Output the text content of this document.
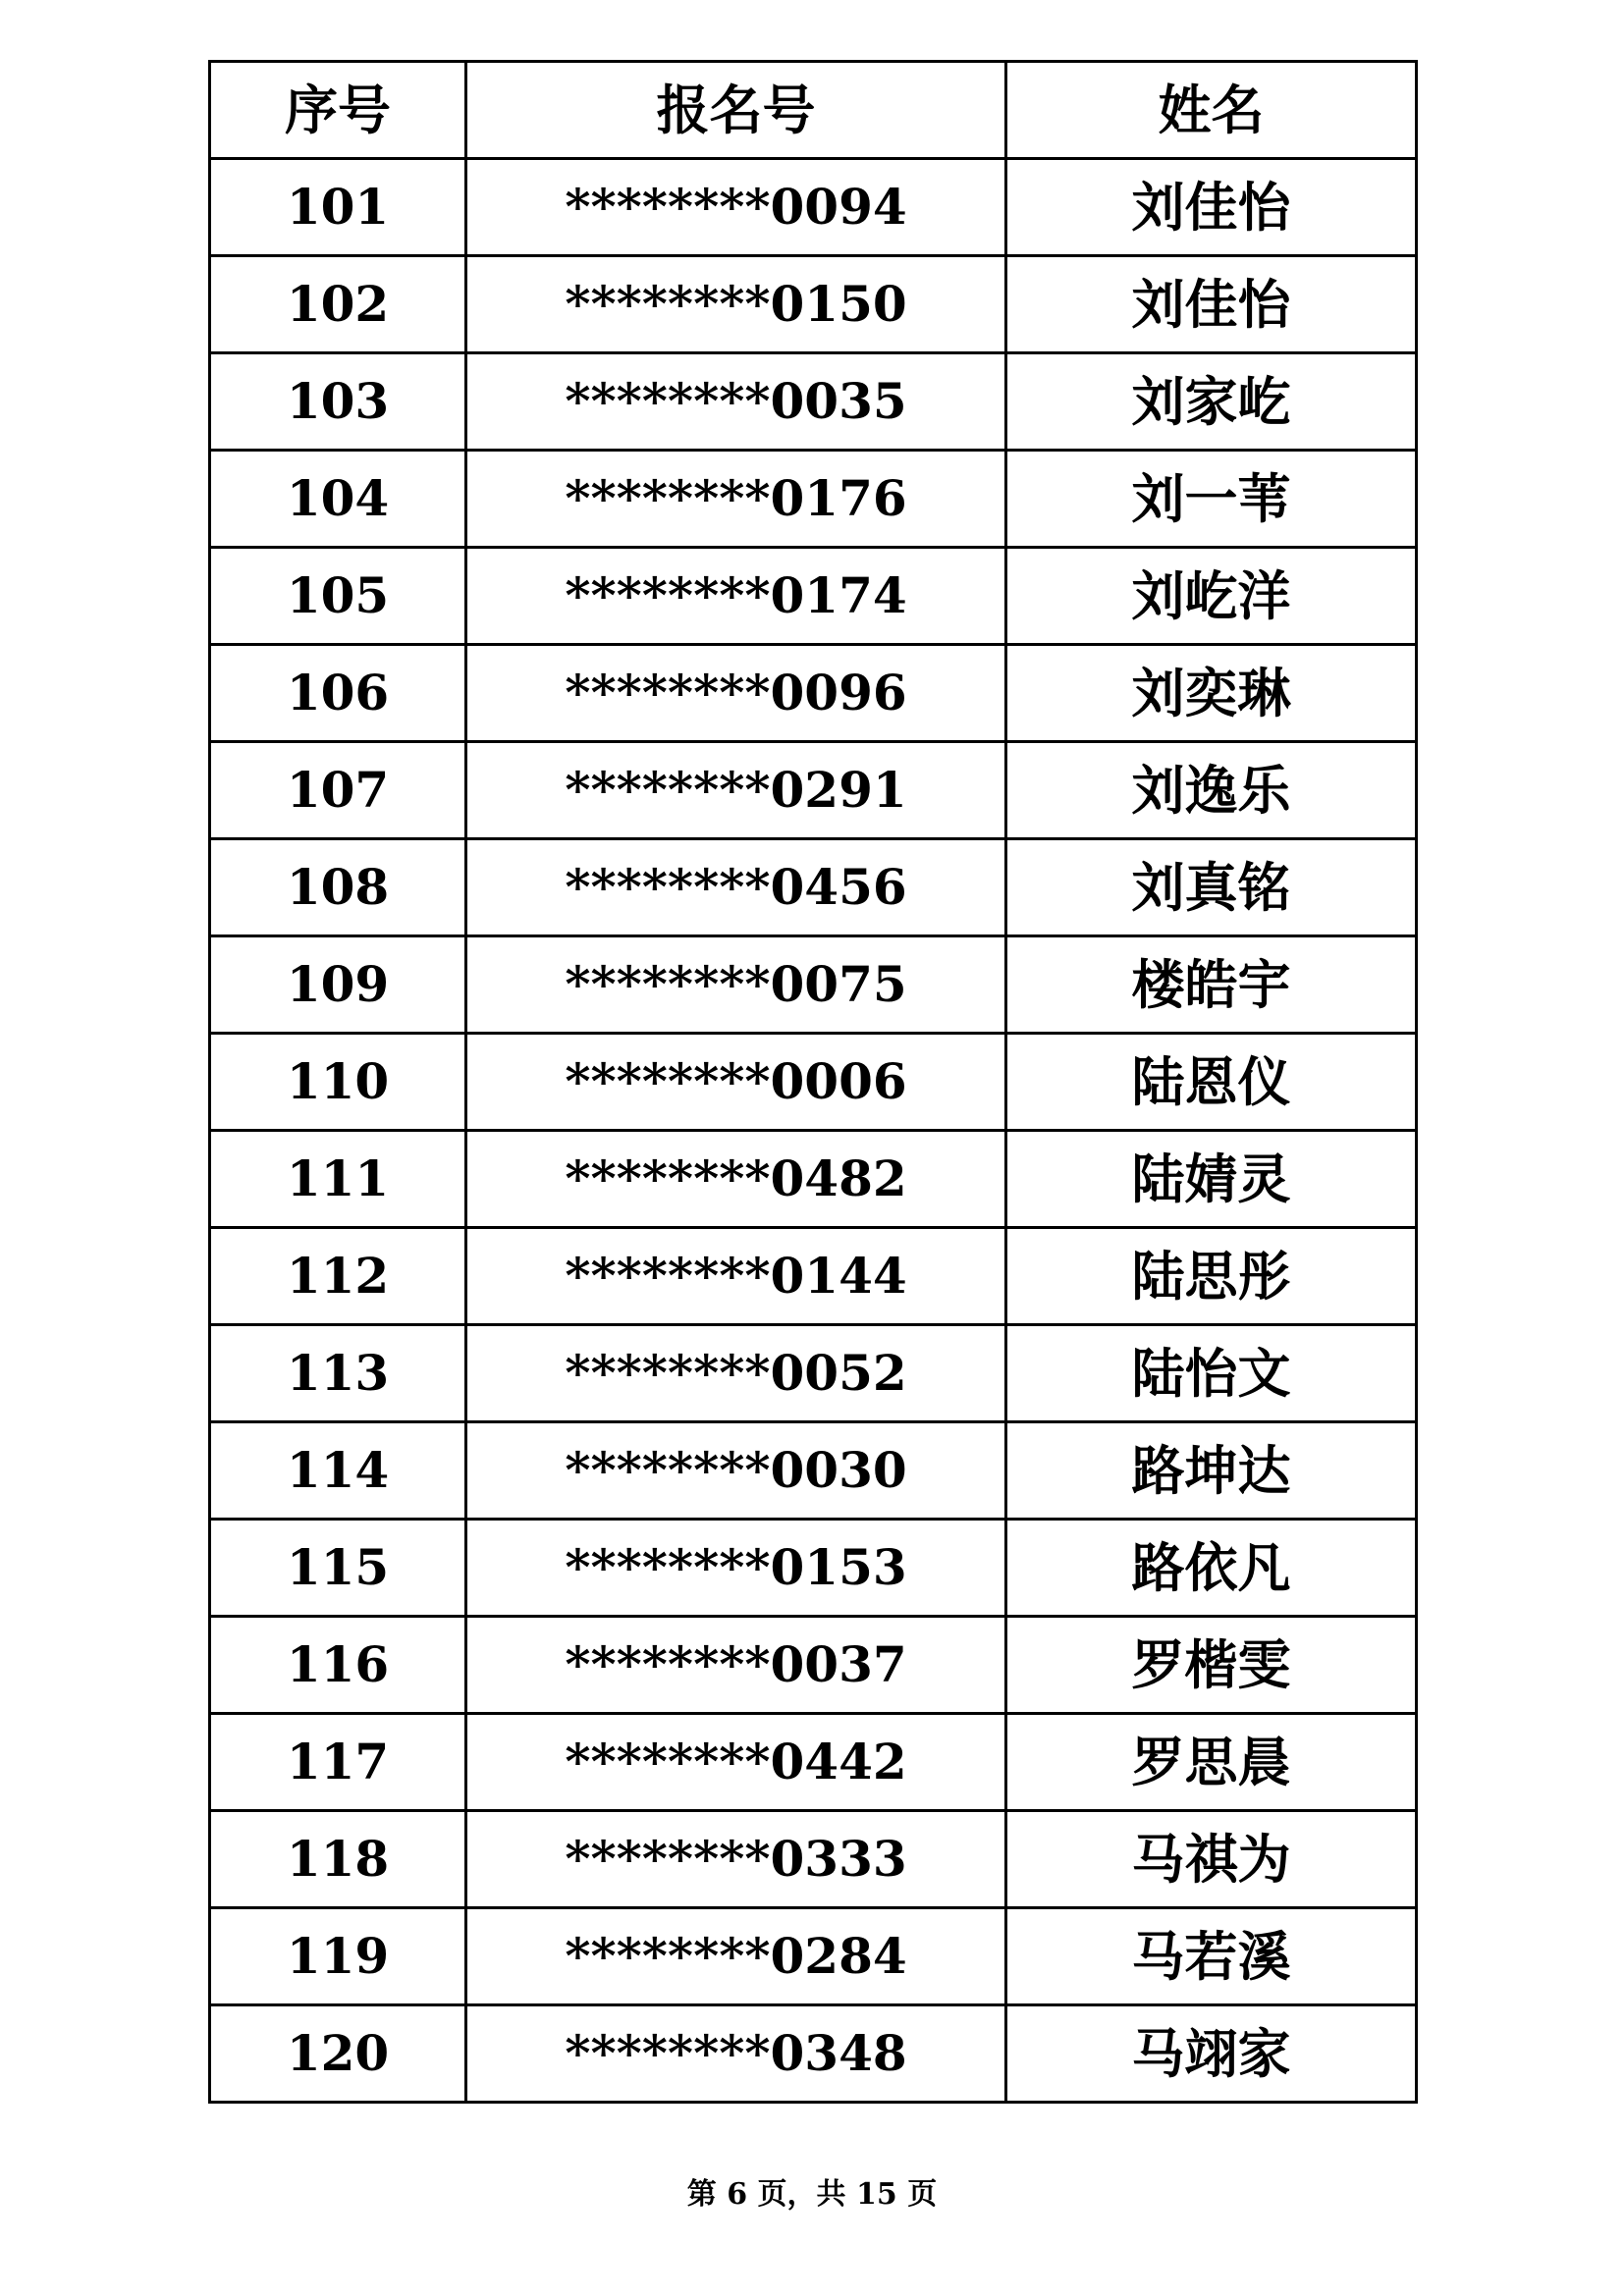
序号	报名号	姓名
101	********0094	刘佳怡
102	********0150	刘佳怡
103	********0035	刘家屹
104	********0176	刘一苇
105	********0174	刘屹洋
106	********0096	刘奕琳
107	********0291	刘逸乐
108	********0456	刘真铭
109	********0075	楼皓宇
110	********0006	陆恩仪
111	********0482	陆婧灵
112	********0144	陆思彤
113	********0052	陆怡文
114	********0030	路坤达
115	********0153	路依凡
116	********0037	罗楷雯
117	********0442	罗思晨
118	********0333	马祺为
119	********0284	马若溪
120	********0348	马翊家
第 6 页，共 15 页
